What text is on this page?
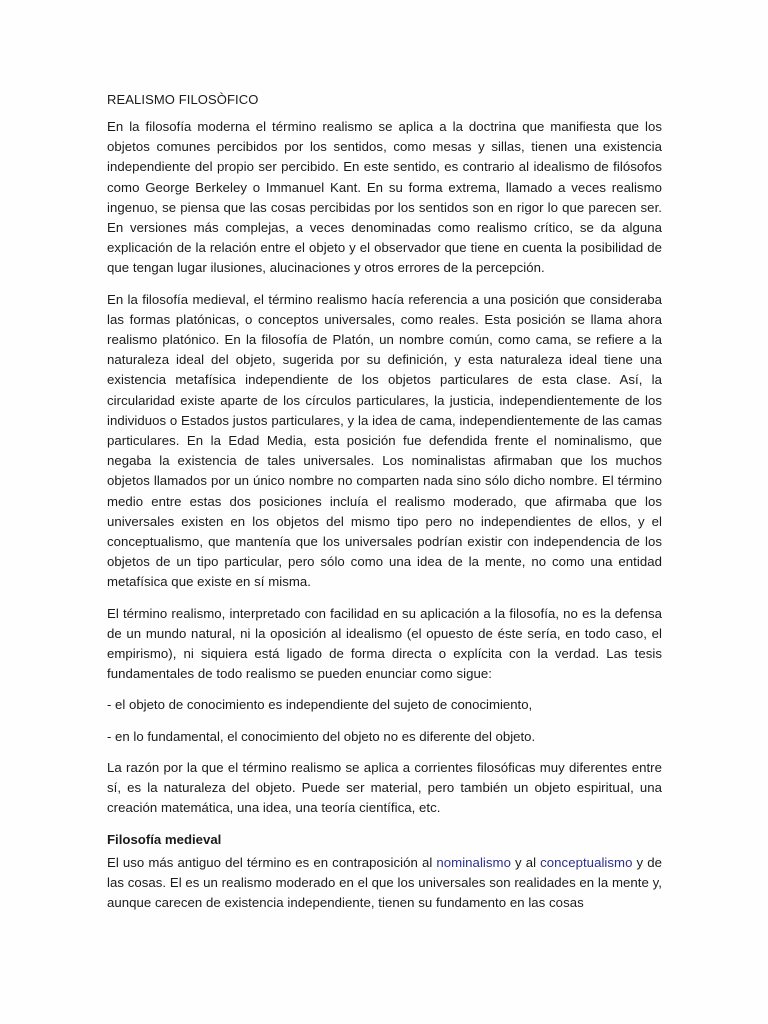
REALISMO FILOSÒFICO

En la filosofía moderna el término realismo se aplica a la doctrina que manifiesta que los objetos comunes percibidos por los sentidos, como mesas y sillas, tienen una existencia independiente del propio ser percibido. En este sentido, es contrario al idealismo de filósofos como George Berkeley o Immanuel Kant. En su forma extrema, llamado a veces realismo ingenuo, se piensa que las cosas percibidas por los sentidos son en rigor lo que parecen ser. En versiones más complejas, a veces denominadas como realismo crítico, se da alguna explicación de la relación entre el objeto y el observador que tiene en cuenta la posibilidad de que tengan lugar ilusiones, alucinaciones y otros errores de la percepción.

En la filosofía medieval, el término realismo hacía referencia a una posición que consideraba las formas platónicas, o conceptos universales, como reales. Esta posición se llama ahora realismo platónico. En la filosofía de Platón, un nombre común, como cama, se refiere a la naturaleza ideal del objeto, sugerida por su definición, y esta naturaleza ideal tiene una existencia metafísica independiente de los objetos particulares de esta clase. Así, la circularidad existe aparte de los círculos particulares, la justicia, independientemente de los individuos o Estados justos particulares, y la idea de cama, independientemente de las camas particulares. En la Edad Media, esta posición fue defendida frente el nominalismo, que negaba la existencia de tales universales. Los nominalistas afirmaban que los muchos objetos llamados por un único nombre no comparten nada sino sólo dicho nombre. El término medio entre estas dos posiciones incluía el realismo moderado, que afirmaba que los universales existen en los objetos del mismo tipo pero no independientes de ellos, y el conceptualismo, que mantenía que los universales podrían existir con independencia de los objetos de un tipo particular, pero sólo como una idea de la mente, no como una entidad metafísica que existe en sí misma.

El término realismo, interpretado con facilidad en su aplicación a la filosofía, no es la defensa de un mundo natural, ni la oposición al idealismo (el opuesto de éste sería, en todo caso, el empirismo), ni siquiera está ligado de forma directa o explícita con la verdad. Las tesis fundamentales de todo realismo se pueden enunciar como sigue:

- el objeto de conocimiento es independiente del sujeto de conocimiento,

- en lo fundamental, el conocimiento del objeto no es diferente del objeto.

La razón por la que el término realismo se aplica a corrientes filosóficas muy diferentes entre sí, es la naturaleza del objeto. Puede ser material, pero también un objeto espiritual, una creación matemática, una idea, una teoría científica, etc.

Filosofía medieval

El uso más antiguo del término es en contraposición al nominalismo y al conceptualismo y de las cosas. El es un realismo moderado en el que los universales son realidades en la mente y, aunque carecen de existencia independiente, tienen su fundamento en las cosas
